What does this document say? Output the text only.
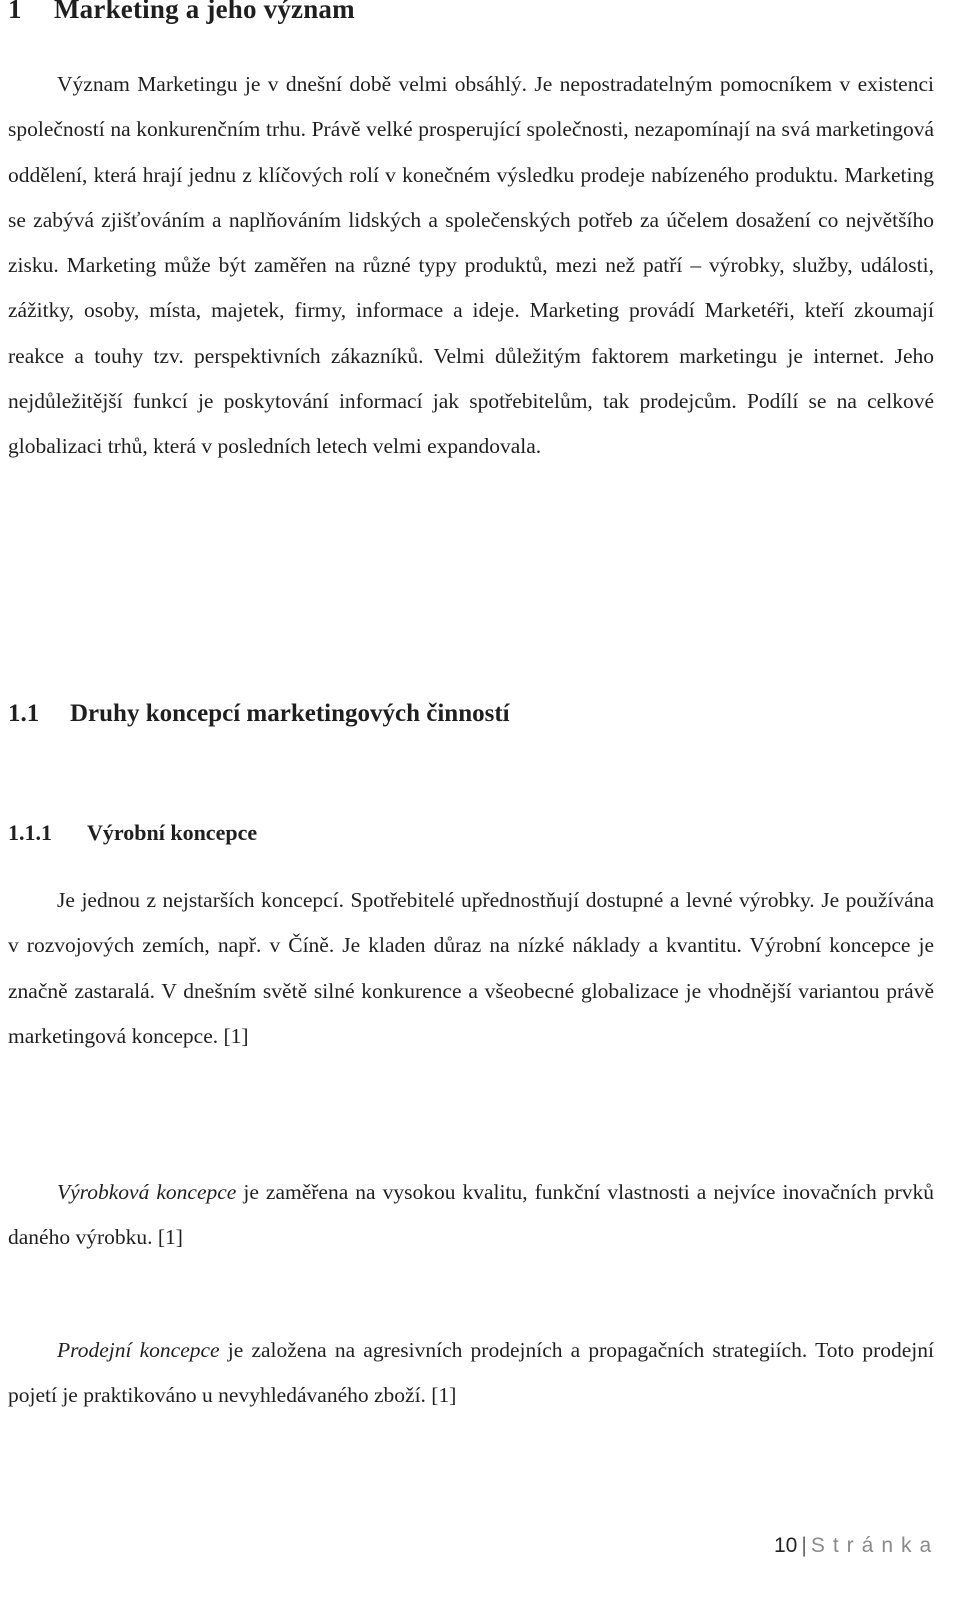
1 Marketing a jeho význam

Význam Marketingu je v dnešní době velmi obsáhlý. Je nepostradatelným pomocníkem v existenci společností na konkurenčním trhu. Právě velké prosperující společnosti, nezapomínají na svá marketingová oddělení, která hrají jednu z klíčových rolí v konečném výsledku prodeje nabízeného produktu. Marketing se zabývá zjišťováním a naplňováním lidských a společenských potřeb za účelem dosažení co největšího zisku. Marketing může být zaměřen na různé typy produktů, mezi než patří – výrobky, služby, události, zážitky, osoby, místa, majetek, firmy, informace a ideje. Marketing provádí Marketéři, kteří zkoumají reakce a touhy tzv. perspektivních zákazníků. Velmi důležitým faktorem marketingu je internet. Jeho nejdůležitější funkcí je poskytování informací jak spotřebitelům, tak prodejcům. Podílí se na celkové globalizaci trhů, která v posledních letech velmi expandovala.

1.1 Druhy koncepcí marketingových činností
1.1.1 Výrobní koncepce

Je jednou z nejstarších koncepcí. Spotřebitelé upřednostňují dostupné a levné výrobky. Je používána v rozvojových zemích, např. v Číně. Je kladen důraz na nízké náklady a kvantitu. Výrobní koncepce je značně zastaralá. V dnešním světě silné konkurence a všeobecné globalizace je vhodnější variantou právě marketingová koncepce. [1]

Výrobková koncepce je zaměřena na vysokou kvalitu, funkční vlastnosti a nejvíce inovačních prvků daného výrobku. [1]

Prodejní koncepce je založena na agresivních prodejních a propagačních strategiích. Toto prodejní pojetí je praktikováno u nevyhledávaného zboží. [1]

10 | Stránka
